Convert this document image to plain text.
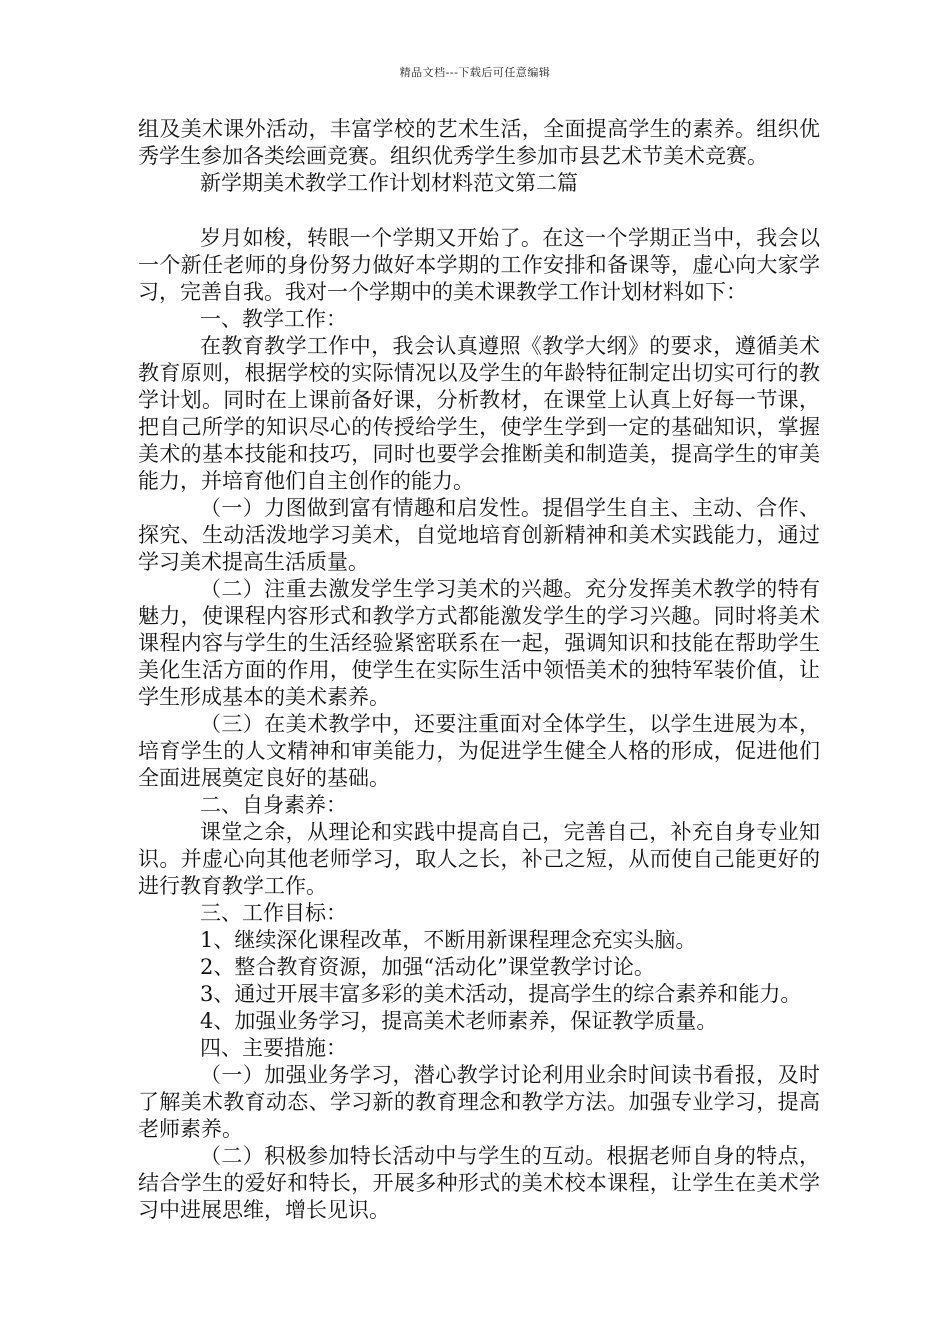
精品文档---下载后可任意编辑

组及美术课外活动，丰富学校的艺术生活，全面提高学生的素养。组织优秀学生参加各类绘画竞赛。组织优秀学生参加市县艺术节美术竞赛。

新学期美术教学工作计划材料范文第二篇

岁月如梭，转眼一个学期又开始了。在这一个学期正当中，我会以一个新任老师的身份努力做好本学期的工作安排和备课等，虚心向大家学习，完善自我。我对一个学期中的美术课教学工作计划材料如下：

一、教学工作：

在教育教学工作中，我会认真遵照《教学大纲》的要求，遵循美术教育原则，根据学校的实际情况以及学生的年龄特征制定出切实可行的教学计划。同时在上课前备好课，分析教材，在课堂上认真上好每一节课，把自己所学的知识尽心的传授给学生，使学生学到一定的基础知识，掌握美术的基本技能和技巧，同时也要学会推断美和制造美，提高学生的审美能力，并培育他们自主创作的能力。

（一）力图做到富有情趣和启发性。提倡学生自主、主动、合作、探究、生动活泼地学习美术，自觉地培育创新精神和美术实践能力，通过学习美术提高生活质量。

（二）注重去激发学生学习美术的兴趣。充分发挥美术教学的特有魅力，使课程内容形式和教学方式都能激发学生的学习兴趣。同时将美术课程内容与学生的生活经验紧密联系在一起，强调知识和技能在帮助学生美化生活方面的作用，使学生在实际生活中领悟美术的独特军装价值，让学生形成基本的美术素养。

（三）在美术教学中，还要注重面对全体学生，以学生进展为本，培育学生的人文精神和审美能力，为促进学生健全人格的形成，促进他们全面进展奠定良好的基础。

二、自身素养：

课堂之余，从理论和实践中提高自己，完善自己，补充自身专业知识。并虚心向其他老师学习，取人之长，补己之短，从而使自己能更好的进行教育教学工作。

三、工作目标：

1、继续深化课程改革，不断用新课程理念充实头脑。

2、整合教育资源，加强“活动化”课堂教学讨论。

3、通过开展丰富多彩的美术活动，提高学生的综合素养和能力。

4、加强业务学习，提高美术老师素养，保证教学质量。

四、主要措施：

（一）加强业务学习，潜心教学讨论利用业余时间读书看报，及时了解美术教育动态、学习新的教育理念和教学方法。加强专业学习，提高老师素养。

（二）积极参加特长活动中与学生的互动。根据老师自身的特点，结合学生的爱好和特长，开展多种形式的美术校本课程，让学生在美术学习中进展思维，增长见识。
